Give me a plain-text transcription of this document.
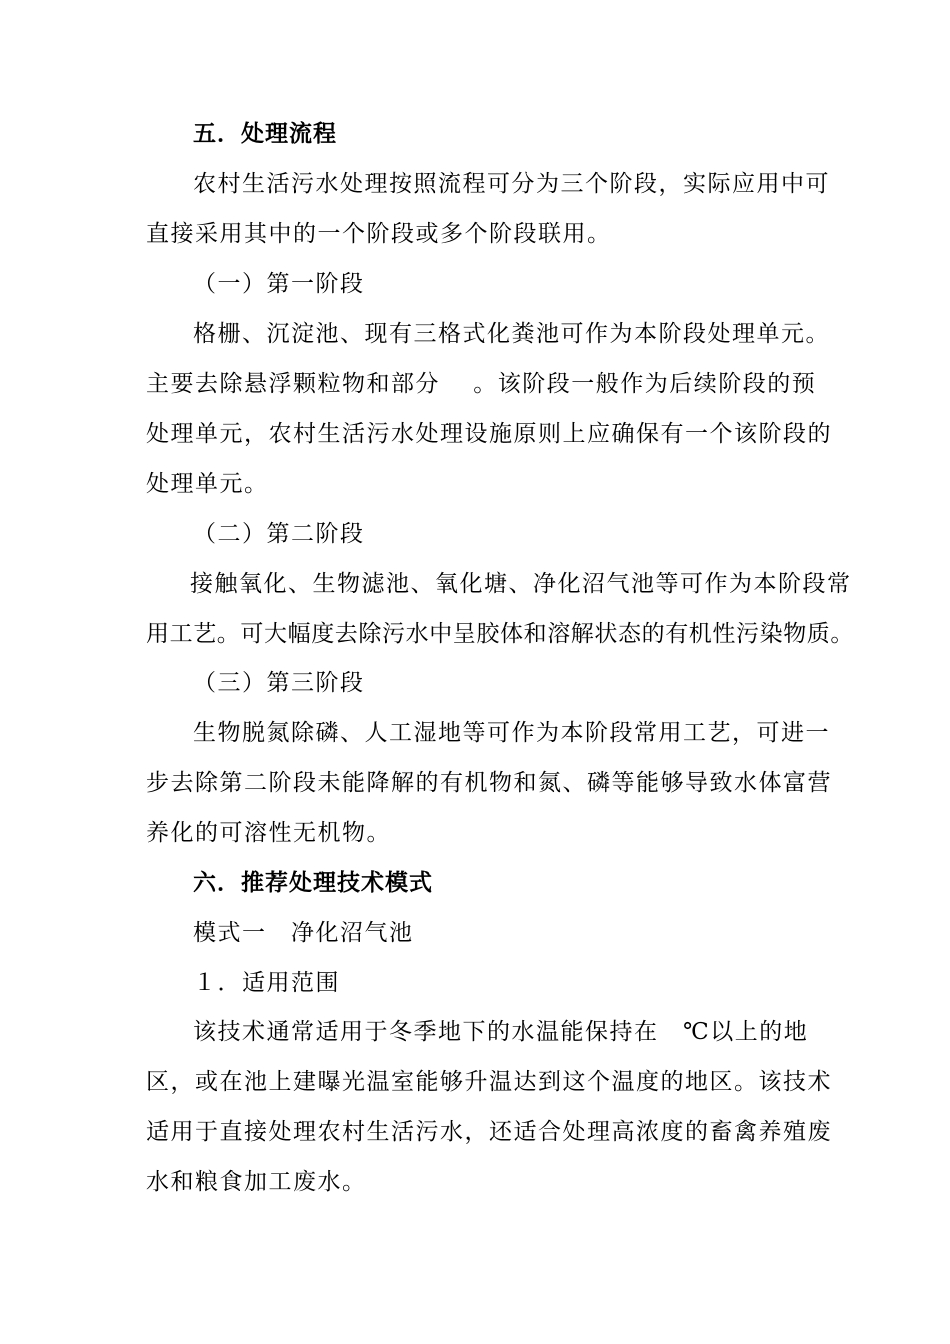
五．处理流程
农村生活污水处理按照流程可分为三个阶段，实际应用中可
直接采用其中的一个阶段或多个阶段联用。
（一）第一阶段
格栅、沉淀池、现有三格式化粪池可作为本阶段处理单元。
主要去除悬浮颗粒物和部分　 。该阶段一般作为后续阶段的预
处理单元，农村生活污水处理设施原则上应确保有一个该阶段的
处理单元。
（二）第二阶段
接触氧化、生物滤池、氧化塘、净化沼气池等可作为本阶段常
用工艺。可大幅度去除污水中呈胶体和溶解状态的有机性污染物质。
（三）第三阶段
生物脱氮除磷、人工湿地等可作为本阶段常用工艺，可进一
步去除第二阶段未能降解的有机物和氮、磷等能够导致水体富营
养化的可溶性无机物。
六．推荐处理技术模式
模式一　净化沼气池
１．适用范围
该技术通常适用于冬季地下的水温能保持在　℃以上的地
区，或在池上建曝光温室能够升温达到这个温度的地区。该技术
适用于直接处理农村生活污水，还适合处理高浓度的畜禽养殖废
水和粮食加工废水。
